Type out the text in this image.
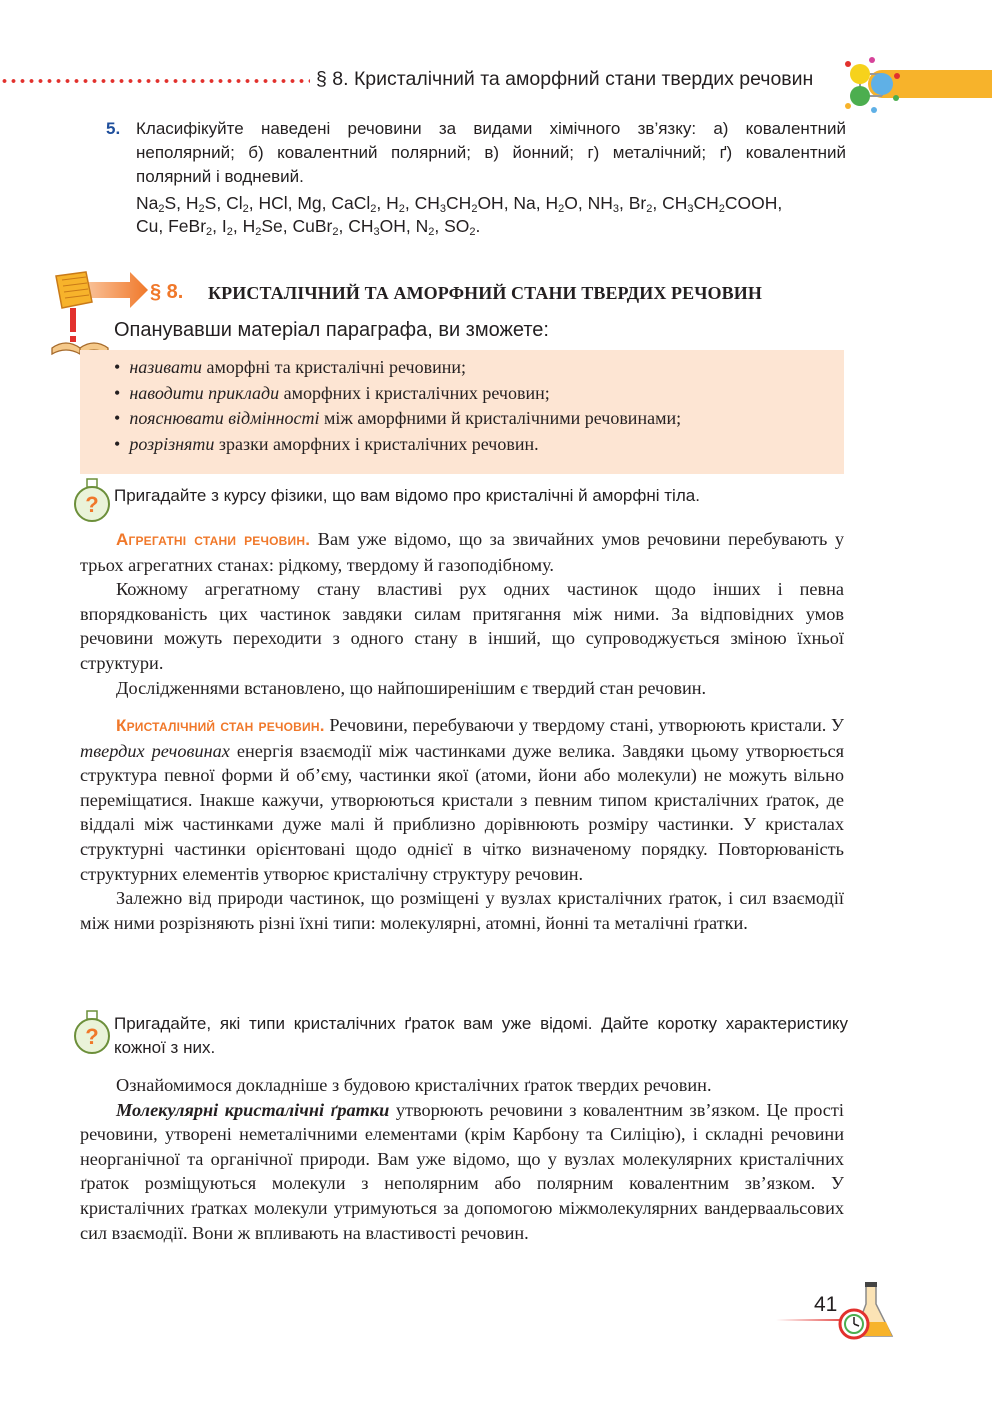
§ 8. Кристалічний та аморфний стани твердих речовин
5. Класифікуйте наведені речовини за видами хімічного зв’язку: а) ковалентний неполярний; б) ковалентний полярний; в) йонний; г) металічний; ґ) ковалентний полярний і водневий.

$Na_2S$, $H_2S$, $Cl_2$, HCl, Mg, CaCl$_2$, $H_2$, $CH_3CH_2OH$, Na, $H_2O$, $NH_3$, $Br_2$, $CH_3CH_2COOH$,
Cu, FeBr$_2$, $I_2$, $H_2Se$, CuBr$_2$, $CH_3OH$, $N_2$, $SO_2$.

§ 8. КРИСТАЛІЧНИЙ ТА АМОРФНИЙ СТАНИ ТВЕРДИХ РЕЧОВИН
Опанувавши матеріал параграфа, ви зможете:
• називати аморфні та кристалічні речовини;
• наводити приклади аморфних і кристалічних речовин;
• пояснювати відмінності між аморфними й кристалічними речовинами;
• розрізняти зразки аморфних і кристалічних речовин.
? Пригадайте з курсу фізики, що вам відомо про кристалічні й аморфні тіла.

Агрегатні стани речовин. Вам уже відомо, що за звичайних умов речовини перебувають у трьох агрегатних станах: рідкому, твердому й газоподібному.
Кожному агрегатному стану властиві рух одних частинок щодо інших і певна впорядкованість цих частинок завдяки силам притягання між ними. За відповідних умов речовини можуть переходити з одного стану в інший, що супроводжується зміною їхньої структури.
Дослідженнями встановлено, що найпоширенішим є твердий стан речовин.
Кристалічний стан речовин. Речовини, перебуваючи у твердому стані, утворюють кристали. У твердих речовинах енергія взаємодії між частинками дуже велика. Завдяки цьому утворюється структура певної форми й об’єму, частинки якої (атоми, йони або молекули) не можуть вільно переміщатися. Інакше кажучи, утворюються кристали з певним типом кристалічних ґраток, де віддалі між частинками дуже малі й приблизно дорівнюють розміру частинки. У кристалах структурні частинки орієнтовані щодо однієї в чітко визначеному порядку. Повторюваність структурних елементів утворює кристалічну структуру речовин.
Залежно від природи частинок, що розміщені у вузлах кристалічних ґраток, і сил взаємодії між ними розрізняють різні їхні типи: молекулярні, атомні, йонні та металічні ґратки.
?

Пригадайте, які типи кристалічних ґраток вам уже відомі. Дайте коротку характеристику кожної з них.

Ознайомимося докладніше з будовою кристалічних ґраток твердих речовин.
Молекулярні кристалічні ґратки утворюють речовини з ковалентним зв’язком. Це прості речовини, утворені неметалічними елементами (крім Карбону та Силіцію), і складні речовини неорганічної та органічної природи. Вам уже відомо, що у вузлах молекулярних кристалічних ґраток розміщуються молекули з неполярним або полярним ковалентним зв’язком. У кристалічних ґратках молекули утримуються за допомогою міжмолекулярних вандерваальсових сил взаємодії. Вони ж впливають на властивості речовин.
41
